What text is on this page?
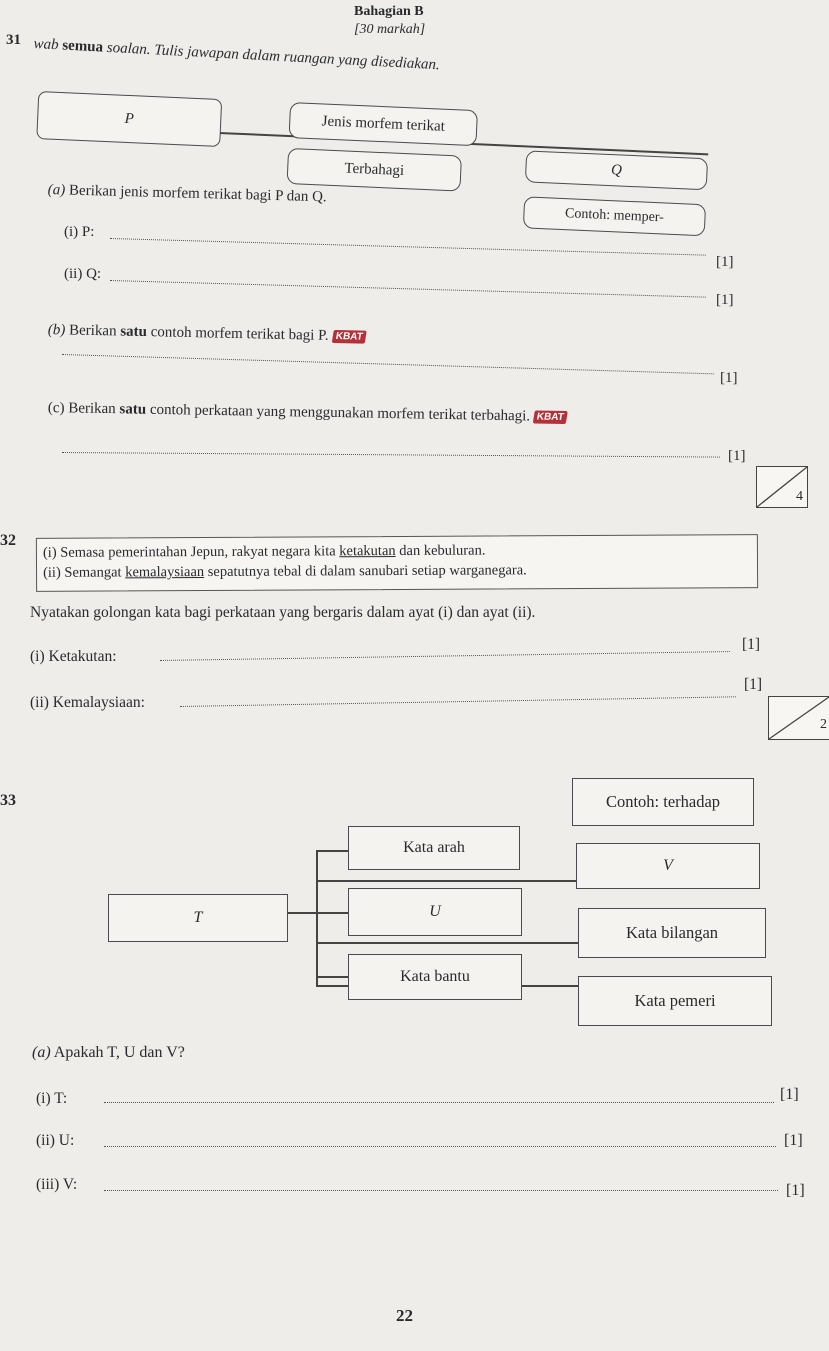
Bahagian B
[30 markah]
31 wab semua soalan. Tulis jawapan dalam ruangan yang disediakan.
P	Jenis morfem terikat
Terbahagi	Q
Contoh: memper-
(a) Berikan jenis morfem terikat bagi P dan Q.
(i) P:
[1]
(ii) Q:
[1]
(b) Berikan satu contoh morfem terikat bagi P. KBAT
[1]
(c) Berikan satu contoh perkataan yang menggunakan morfem terikat terbahagi. KBAT
[1]
4
32
(i) Semasa pemerintahan Jepun, rakyat negara kita ketakutan dan kebuluran.
(ii) Semangat kemalaysiaan sepatutnya tebal di dalam sanubari setiap warganegara.
Nyatakan golongan kata bagi perkataan yang bergaris dalam ayat (i) dan ayat (ii).
(i) Ketakutan:
[1]
(ii) Kemalaysiaan:
[1]
2
33	Contoh: terhadap
Kata arah
V
T	U
Kata bilangan
Kata bantu
Kata pemeri
(a) Apakah T, U dan V?
(i) T:	[1]
(ii) U:	[1]
(iii) V:	[1]
22
